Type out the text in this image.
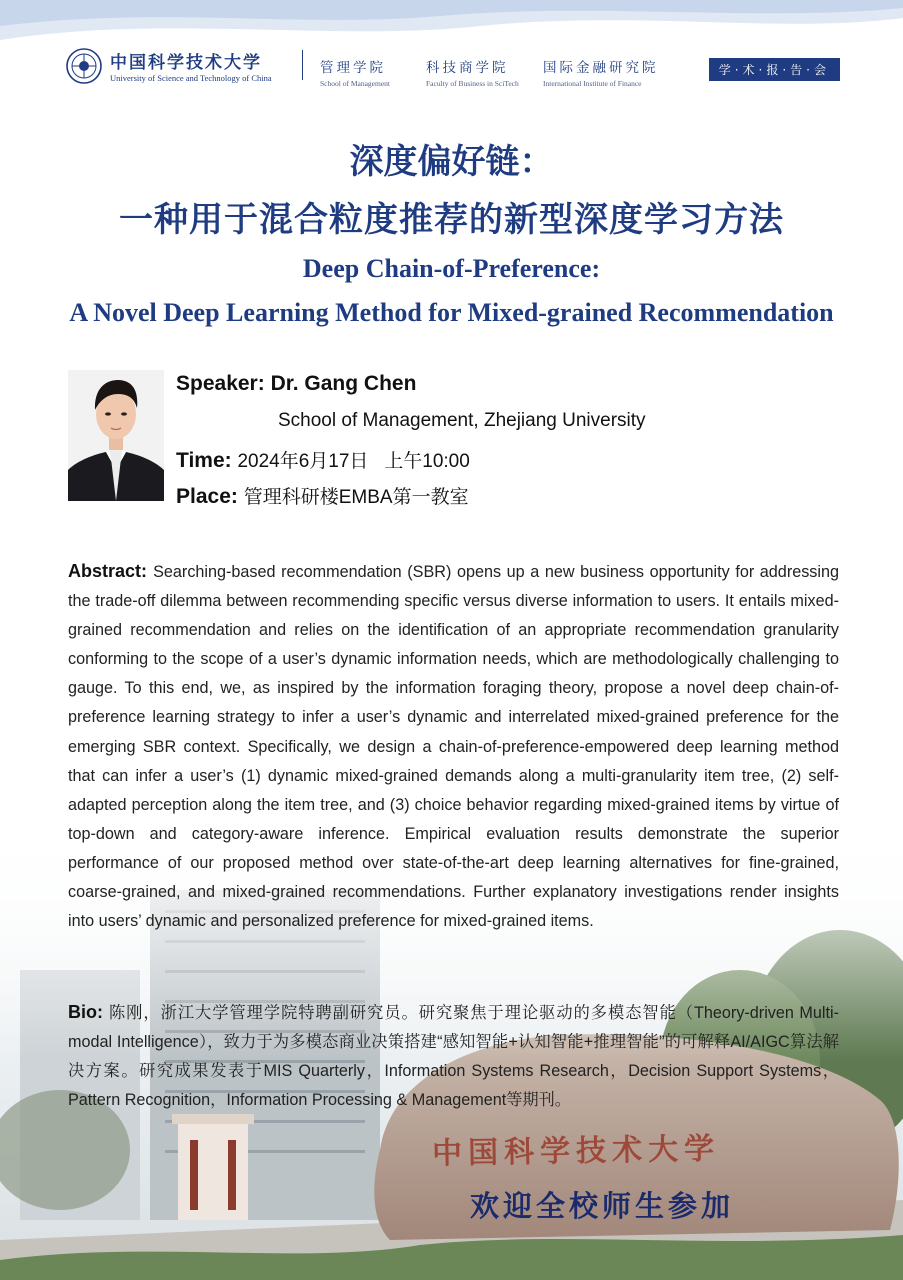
中国科学技术大学
University of Science and Technology of China
管理学院
School of Management
科技商学院
Faculty of Business in SciTech
国际金融研究院
International Institute of Finance
学·术·报·告·会
深度偏好链：
一种用于混合粒度推荐的新型深度学习方法
Deep Chain-of-Preference:
A Novel Deep Learning Method for Mixed-grained Recommendation
Speaker: Dr. Gang Chen
School of Management, Zhejiang University
Time: 2024年6月17日   上午10:00
Place: 管理科研楼EMBA第一教室
Abstract: Searching-based recommendation (SBR) opens up a new business opportunity for addressing the trade-off dilemma between recommending specific versus diverse information to users. It entails mixed-grained recommendation and relies on the identification of an appropriate recommendation granularity conforming to the scope of a user’s dynamic information needs, which are methodologically challenging to gauge. To this end, we, as inspired by the information foraging theory, propose a novel deep chain-of-preference learning strategy to infer a user’s dynamic and interrelated mixed-grained preference for the emerging SBR context. Specifically, we design a chain-of-preference-empowered deep learning method that can infer a user’s (1) dynamic mixed-grained demands along a multi-granularity item tree, (2) self-adapted perception along the item tree, and (3) choice behavior regarding mixed-grained items by virtue of top-down and category-aware inference. Empirical evaluation results demonstrate the superior performance of our proposed method over state-of-the-art deep learning alternatives for fine-grained, coarse-grained, and mixed-grained recommendations. Further explanatory investigations render insights into users’ dynamic and personalized preference for mixed-grained items.
Bio: 陈刚，浙江大学管理学院特聘副研究员。研究聚焦于理论驱动的多模态智能（Theory-driven Multi-modal Intelligence），致力于为多模态商业决策搭建“感知智能+认知智能+推理智能”的可解释AI/AIGC算法解决方案。研究成果发表于MIS Quarterly，Information Systems Research，Decision Support Systems，Pattern Recognition，Information Processing & Management等期刊。
中国科学技术大学
欢迎全校师生参加
